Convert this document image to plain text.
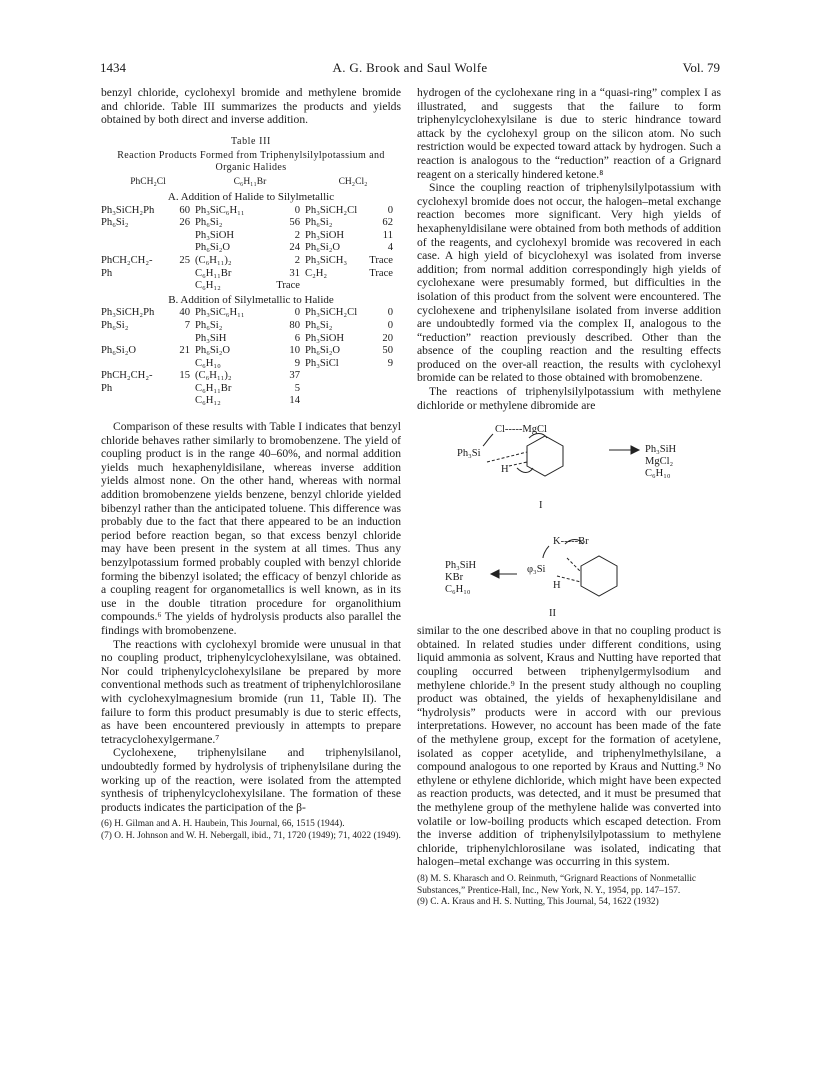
1434	A. G. Brook and Saul Wolfe	Vol. 79

benzyl chloride, cyclohexyl bromide and methylene bromide and chloride. Table III summarizes the products and yields obtained by both direct and inverse addition.

Table III
Reaction Products Formed from Triphenylsilylpotassium and Organic Halides
PhCH₂Cl		C₆H₁₁Br		CH₂Cl₂	
A. Addition of Halide to Silylmetallic					
Ph₃SiCH₂Ph	60	Ph₃SiC₆H₁₁	0	Ph₃SiCH₂Cl	0
Ph₆Si₂	26	Ph₆Si₂	56	Ph₆Si₂	62
		Ph₃SiOH	2	Ph₃SiOH	11
		Ph₆Si₂O	24	Ph₆Si₂O	4
PhCH₂CH₂-	25	(C₆H₁₁)₂	2	Ph₃SiCH₃	Trace
Ph		C₆H₁₁Br	31	C₂H₂	Trace
		C₆H₁₂	Trace		
B. Addition of Silylmetallic to Halide					
Ph₃SiCH₂Ph	40	Ph₃SiC₆H₁₁	0	Ph₃SiCH₂Cl	0
Ph₆Si₂	7	Ph₆Si₂	80	Ph₆Si₂	0
		Ph₃SiH	6	Ph₃SiOH	20
Ph₆Si₂O	21	Ph₆Si₂O	10	Ph₆Si₂O	50
		C₆H₁₀	9	Ph₃SiCl	9
PhCH₂CH₂-	15	(C₆H₁₁)₂	37		
Ph		C₆H₁₁Br	5		
		C₆H₁₂	14		

Comparison of these results with Table I indicates that benzyl chloride behaves rather similarly to bromobenzene. The yield of coupling product is in the range 40–60%, and normal addition yields much hexaphenyldisilane, whereas inverse addition yields almost none. On the other hand, whereas with normal addition bromobenzene yields benzene, benzyl chloride yielded bibenzyl rather than the anticipated toluene. This difference was probably due to the fact that there appeared to be an induction period before reaction began, so that excess benzyl chloride may have been present in the system at all times. Thus any benzylpotassium formed probably coupled with benzyl chloride forming the bibenzyl isolated; the efficacy of benzyl chloride as a coupling reagent for organometallics is well known, as in its use in the double titration procedure for organolithium compounds.⁶ The yields of hydrolysis products also parallel the findings with bromobenzene.

The reactions with cyclohexyl bromide were unusual in that no coupling product, triphenylcyclohexylsilane, was obtained. Nor could triphenylcyclohexylsilane be prepared by more conventional methods such as treatment of triphenylchlorosilane with cyclohexylmagnesium bromide (run 11, Table II). The failure to form this product presumably is due to steric effects, as have been encountered previously in attempts to prepare tetracyclohexylgermane.⁷

Cyclohexene, triphenylsilane and triphenylsilanol, undoubtedly formed by hydrolysis of triphenylsilane during the working up of the reaction, were isolated from the attempted synthesis of triphenylcyclohexylsilane. The formation of these products indicates the participation of the β-

(6) H. Gilman and A. H. Haubein, This Journal, 66, 1515 (1944).

(7) O. H. Johnson and W. H. Nebergall, ibid., 71, 1720 (1949); 71, 4022 (1949).

hydrogen of the cyclohexane ring in a “quasi-ring” complex I as illustrated, and suggests that the failure to form triphenylcyclohexylsilane is due to steric hindrance toward attack by the cyclohexyl group on the silicon atom. No such restriction would be expected toward attack by hydrogen. Such a reaction is analogous to the “reduction” reaction of a Grignard reagent on a sterically hindered ketone.⁸

Since the coupling reaction of triphenylsilylpotassium with cyclohexyl bromide does not occur, the halogen–metal exchange reaction becomes more significant. Very high yields of hexaphenyldisilane were obtained from both methods of addition of the reagents, and cyclohexyl bromide was recovered in each case. A high yield of bicyclohexyl was isolated from inverse addition; from normal addition correspondingly high yields of cyclohexane were presumably formed, but difficulties in the isolation of this product from the solvent were encountered. The cyclohexene and triphenylsilane isolated from inverse addition are undoubtedly formed via the complex II, analogous to the “reduction” reaction previously described. Other than the absence of the coupling reaction and the resulting effects produced on the over-all reaction, the results with cyclohexyl bromide can be related to those obtained with bromobenzene.

The reactions of triphenylsilylpotassium with methylene dichloride or methylene dibromide are

Cl-----MgCl
Ph₃Si
H
Ph₃SiH
MgCl₂
C₆H₁₀
I
K-----Br
φ₃Si
H
Ph₃SiH
KBr
C₆H₁₀
II

similar to the one described above in that no coupling product is obtained. In related studies under different conditions, using liquid ammonia as solvent, Kraus and Nutting have reported that coupling occurred between triphenylgermylsodium and methylene chloride.⁹ In the present study although no coupling product was obtained, the yields of hexaphenyldisilane and “hydrolysis” products were in accord with our previous interpretations. However, no account has been made of the fate of the methylene group, except for the formation of acetylene, isolated as copper acetylide, and triphenylmethylsilane, a compound analogous to one reported by Kraus and Nutting.⁹ No ethylene or ethylene dichloride, which might have been expected as reaction products, was detected, and it must be presumed that the methylene group of the methylene halide was converted into volatile or low-boiling products which escaped detection. From the inverse addition of triphenylsilylpotassium to methylene chloride, triphenylchlorosilane was isolated, indicating that halogen–metal exchange was occurring in this system.

(8) M. S. Kharasch and O. Reinmuth, “Grignard Reactions of Nonmetallic Substances,” Prentice-Hall, Inc., New York, N. Y., 1954, pp. 147–157.

(9) C. A. Kraus and H. S. Nutting, This Journal, 54, 1622 (1932)
